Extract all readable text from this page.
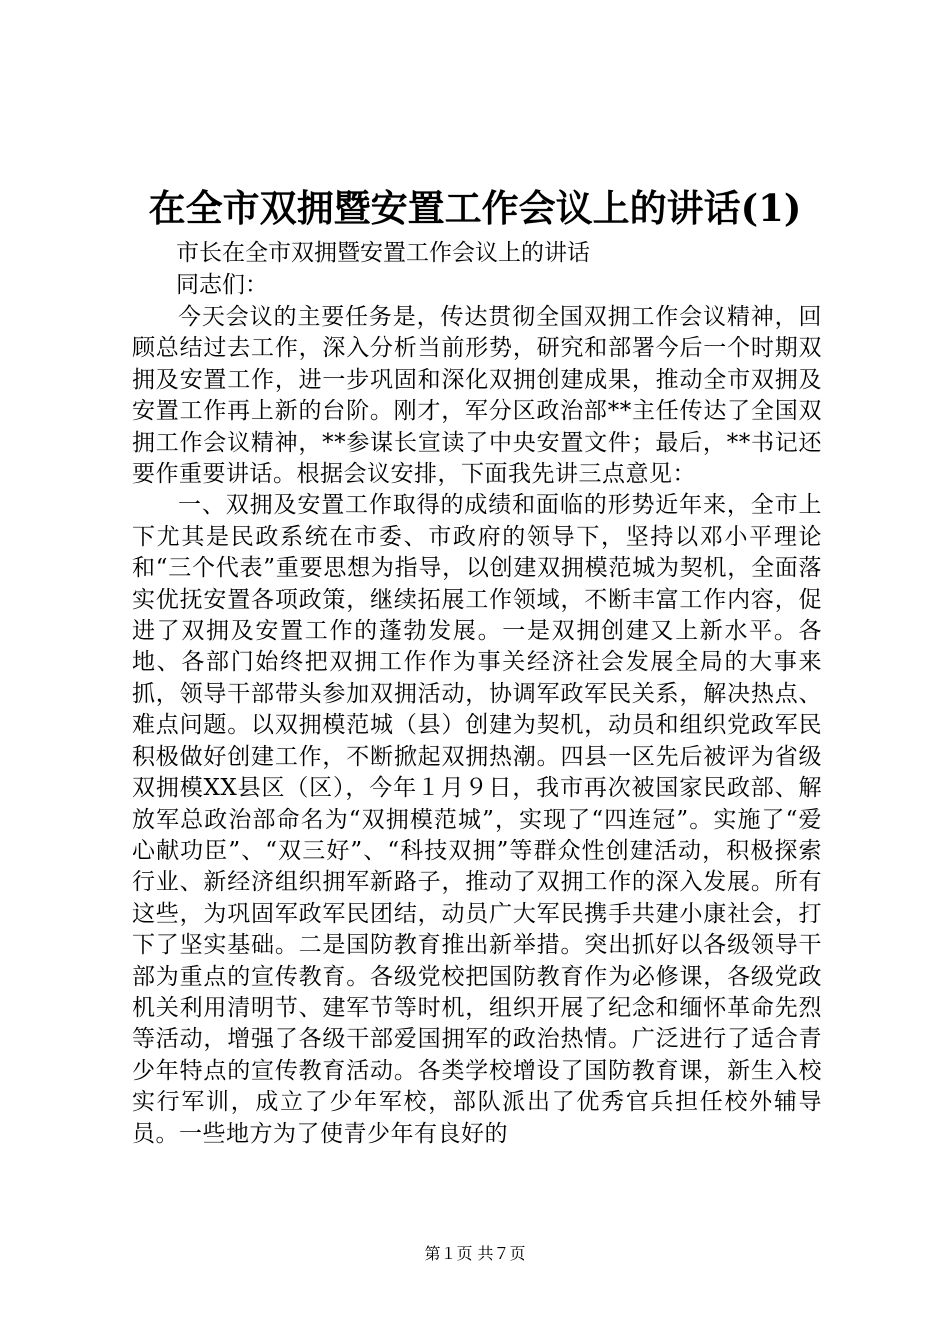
在全市双拥暨安置工作会议上的讲话(1)
市长在全市双拥暨安置工作会议上的讲话
同志们：

今天会议的主要任务是，传达贯彻全国双拥工作会议精神，回顾总结过去工作，深入分析当前形势，研究和部署今后一个时期双拥及安置工作，进一步巩固和深化双拥创建成果，推动全市双拥及安置工作再上新的台阶。刚才，军分区政治部**主任传达了全国双拥工作会议精神，**参谋长宣读了中央安置文件；最后，**书记还要作重要讲话。根据会议安排，下面我先讲三点意见：

一、双拥及安置工作取得的成绩和面临的形势近年来，全市上下尤其是民政系统在市委、市政府的领导下，坚持以邓小平理论和“三个代表”重要思想为指导，以创建双拥模范城为契机，全面落实优抚安置各项政策，继续拓展工作领域，不断丰富工作内容，促进了双拥及安置工作的蓬勃发展。一是双拥创建又上新水平。各地、各部门始终把双拥工作作为事关经济社会发展全局的大事来抓，领导干部带头参加双拥活动，协调军政军民关系，解决热点、难点问题。以双拥模范城（县）创建为契机，动员和组织党政军民积极做好创建工作，不断掀起双拥热潮。四县一区先后被评为省级双拥模XX县区（区），今年１月９日，我市再次被国家民政部、解放军总政治部命名为“双拥模范城”，实现了“四连冠”。实施了“爱心献功臣”、“双三好”、“科技双拥”等群众性创建活动，积极探索行业、新经济组织拥军新路子，推动了双拥工作的深入发展。所有这些，为巩固军政军民团结，动员广大军民携手共建小康社会，打下了坚实基础。二是国防教育推出新举措。突出抓好以各级领导干部为重点的宣传教育。各级党校把国防教育作为必修课，各级党政机关利用清明节、建军节等时机，组织开展了纪念和缅怀革命先烈等活动，增强了各级干部爱国拥军的政治热情。广泛进行了适合青少年特点的宣传教育活动。各类学校增设了国防教育课，新生入校实行军训，成立了少年军校，部队派出了优秀官兵担任校外辅导员。一些地方为了使青少年有良好的

第１页 共７页
